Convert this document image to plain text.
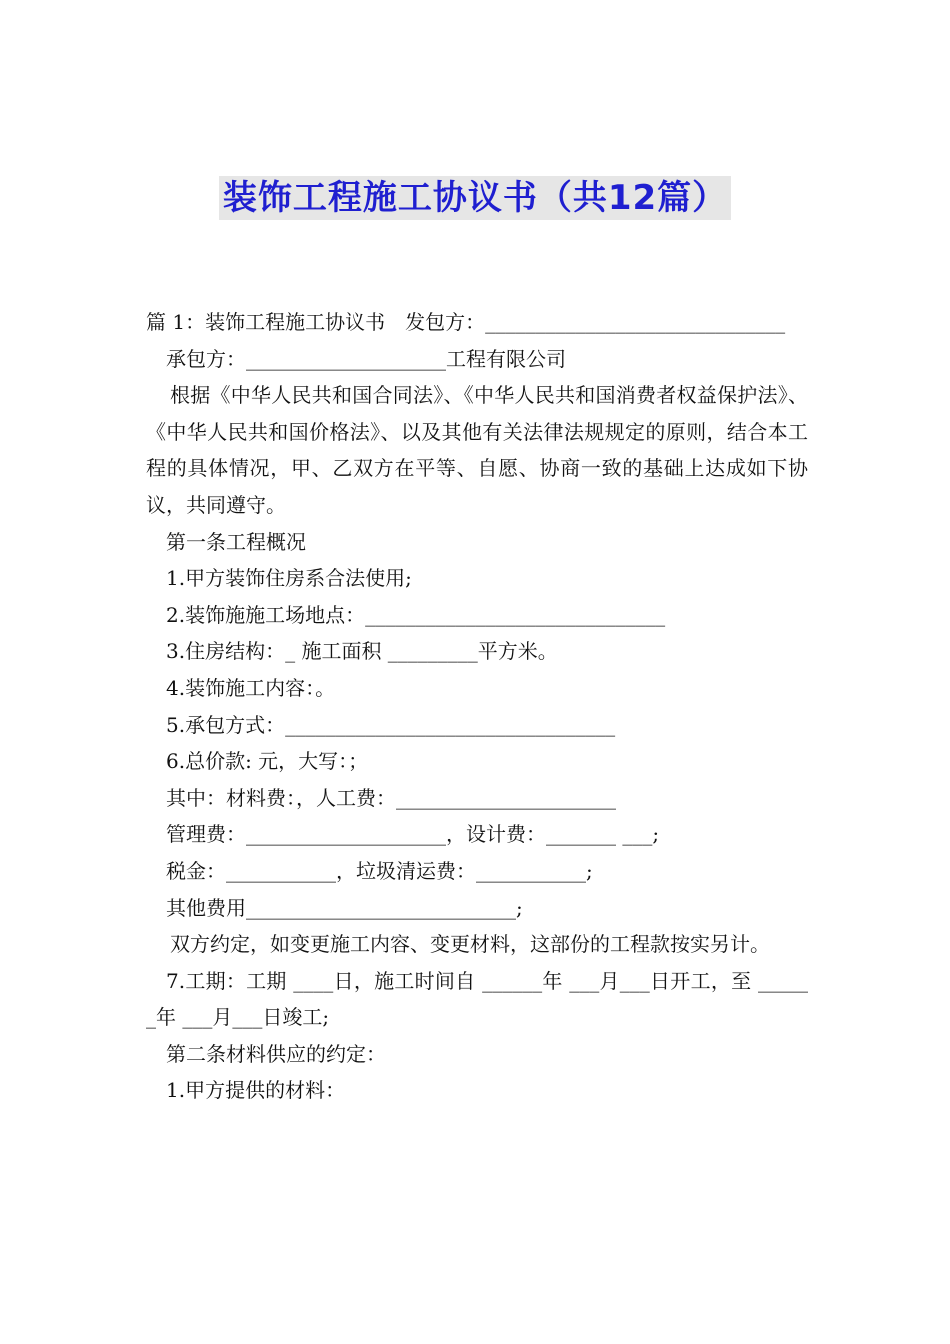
装饰工程施工协议书（共12篇）

篇 1：装饰工程施工协议书　发包方：______________________________

承包方：____________________工程有限公司

根据《中华人民共和国合同法》、《中华人民共和国消费者权益保护法》、《中华人民共和国价格法》、以及其他有关法律法规规定的原则，结合本工程的具体情况，甲、乙双方在平等、自愿、协商一致的基础上达成如下协议，共同遵守。

第一条工程概况

1.甲方装饰住房系合法使用;

2.装饰施施工场地点：______________________________

3.住房结构：_ 施工面积 _________平方米。

4.装饰施工内容：。

5.承包方式：_________________________________

6.总价款: 元，大写：；

其中：材料费：，人工费：______________________

管理费：____________________，设计费：_______ ___;

税金：___________，垃圾清运费：___________;

其他费用___________________________;

双方约定，如变更施工内容、变更材料，这部份的工程款按实另计。

7.工期：工期 ____日，施工时间自 ______年 ___月___日开工，至 ______年 ___月___日竣工;

第二条材料供应的约定：

1.甲方提供的材料：
